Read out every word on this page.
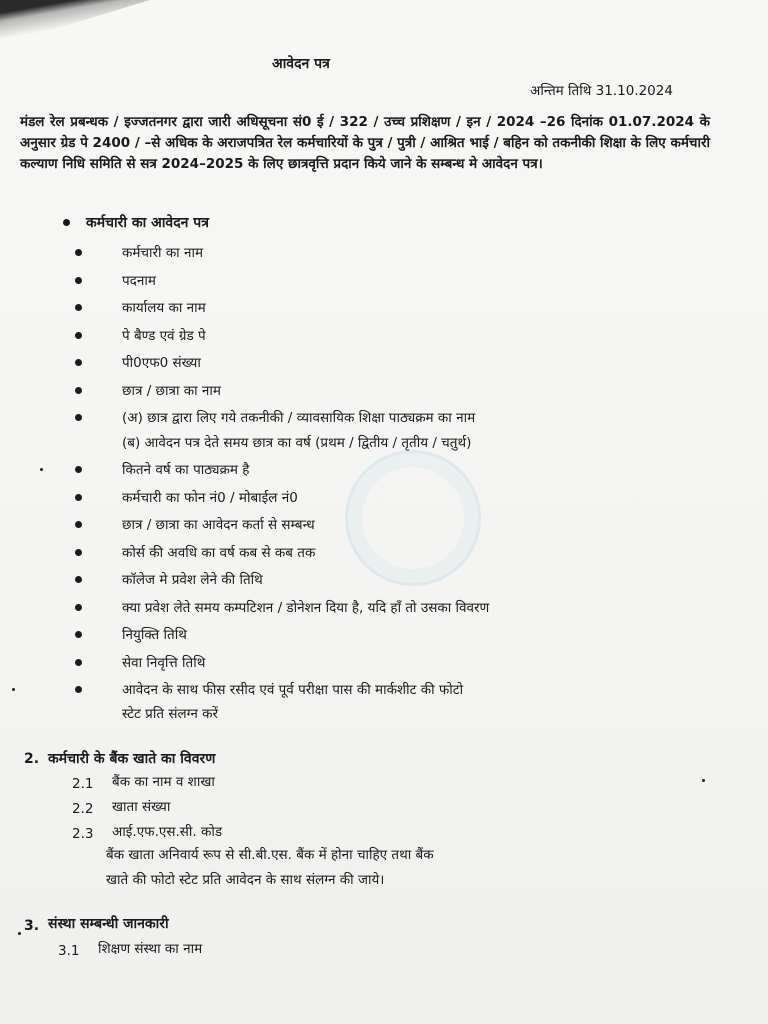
आवेदन पत्र
अन्तिम तिथि 31.10.2024
मंडल रेल प्रबन्धक / इज्जतनगर द्वारा जारी अधिसूचना सं0 ई / 322 / उच्च प्रशिक्षण / इन / 2024 –26 दिनांक 01.07.2024 के अनुसार ग्रेड पे 2400 / –से अधिक के अराजपत्रित रेल कर्मचारियों के पुत्र / पुत्री / आश्रित भाई / बहिन को तकनीकी शिक्षा के लिए कर्मचारी कल्याण निधि समिति से सत्र 2024–2025 के लिए छात्रवृत्ति प्रदान किये जाने के सम्बन्ध मे आवेदन पत्र।
कर्मचारी का आवेदन पत्र
कर्मचारी का नाम
पदनाम
कार्यालय का नाम
पे बैण्ड एवं ग्रेड पे
पी0एफ0 संख्या
छात्र / छात्रा का नाम
(अ) छात्र द्वारा लिए गये तकनीकी / व्यावसायिक शिक्षा पाठ्यक्रम का नाम
(ब) आवेदन पत्र देते समय छात्र का वर्ष (प्रथम / द्वितीय / तृतीय / चतुर्थ)
कितने वर्ष का पाठ्यक्रम है
कर्मचारी का फोन नं0 / मोबाईल नं0
छात्र / छात्रा का आवेदन कर्ता से सम्बन्ध
कोर्स की अवधि का वर्ष कब से कब तक
कॉलेज मे प्रवेश लेने की तिथि
क्या प्रवेश लेते समय कम्पटिशन / डोनेशन दिया है, यदि हाँ तो उसका विवरण
नियुक्ति तिथि
सेवा निवृत्ति तिथि
आवेदन के साथ फीस रसीद एवं पूर्व परीक्षा पास की मार्कशीट की फोटो
स्टेट प्रति संलग्न करें
2. कर्मचारी के बैंक खाते का विवरण
2.1 बैंक का नाम व शाखा
2.2 खाता संख्या
2.3 आई.एफ.एस.सी. कोड
बैंक खाता अनिवार्य रूप से सी.बी.एस. बैंक में होना चाहिए तथा बैंक
खाते की फोटो स्टेट प्रति आवेदन के साथ संलग्न की जाये।
3. संस्था सम्बन्धी जानकारी
3.1 शिक्षण संस्था का नाम
